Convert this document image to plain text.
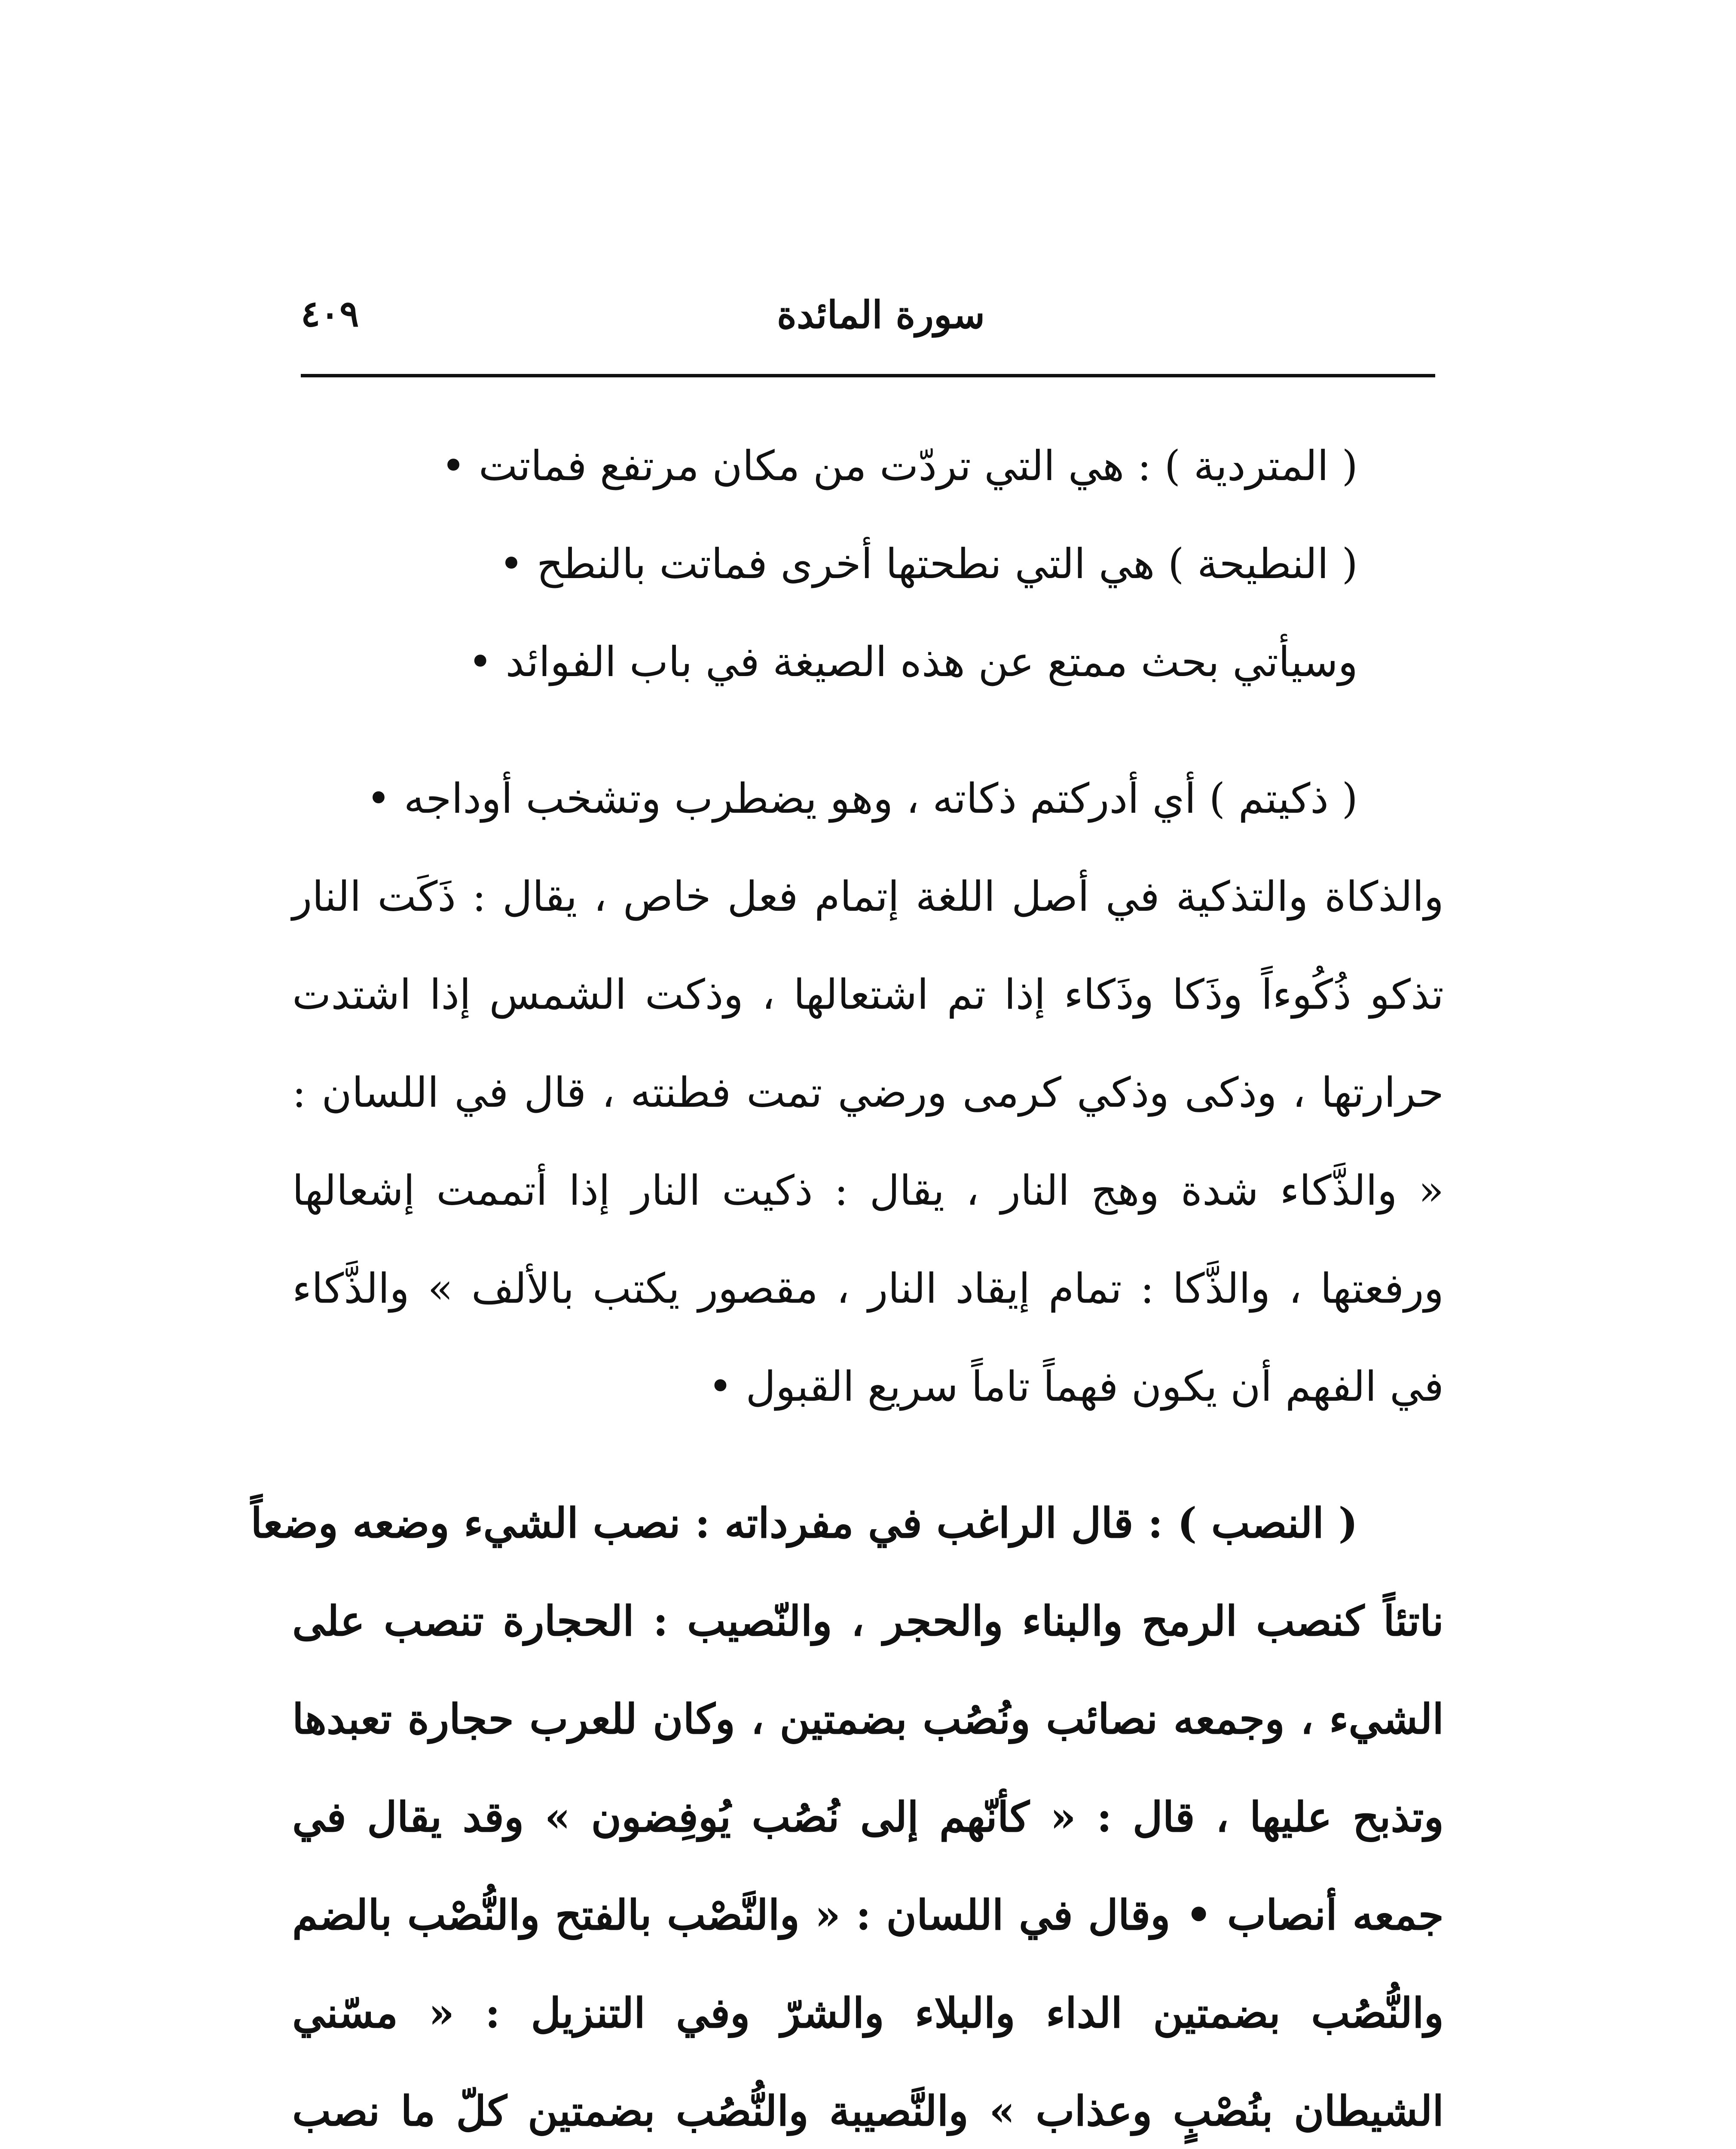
٤٠٩	سورة المائدة
( المتردية ) : هي التي تردّت من مكان مرتفع فماتت •
( النطيحة ) هي التي نطحتها أخرى فماتت بالنطح •
وسيأتي بحث ممتع عن هذه الصيغة في باب الفوائد •
( ذكيتم ) أي أدركتم ذكاته ، وهو يضطرب وتشخب أوداجه •
والذكاة والتذكية في أصل اللغة إتمام فعل خاص ، يقال : ذَكَت النار تذكو ذُكُوءاً وذَكا وذَكاء إذا تم اشتعالها ، وذكت الشمس إذا اشتدت حرارتها ، وذكى وذكي كرمى ورضي تمت فطنته ، قال في اللسان : « والذَّكاء شدة وهج النار ، يقال : ذكيت النار إذا أتممت إشعالها ورفعتها ، والذَّكا : تمام إيقاد النار ، مقصور يكتب بالألف » والذَّكاء في الفهم أن يكون فهماً تاماً سريع القبول •
( النصب ) : قال الراغب في مفرداته : نصب الشيء وضعه وضعاً
ناتئاً كنصب الرمح والبناء والحجر ، والنّصيب : الحجارة تنصب على الشيء ، وجمعه نصائب ونُصُب بضمتين ، وكان للعرب حجارة تعبدها وتذبح عليها ، قال : « كأنّهم إلى نُصُب يُوفِضون » وقد يقال في جمعه أنصاب • وقال في اللسان : « والنَّصْب بالفتح والنُّصْب بالضم والنُّصُب بضمتين الداء والبلاء والشرّ وفي التنزيل : « مسّني الشيطان بنُصْبٍ وعذاب » والنَّصيبة والنُّصُب بضمتين كلّ ما نصب
